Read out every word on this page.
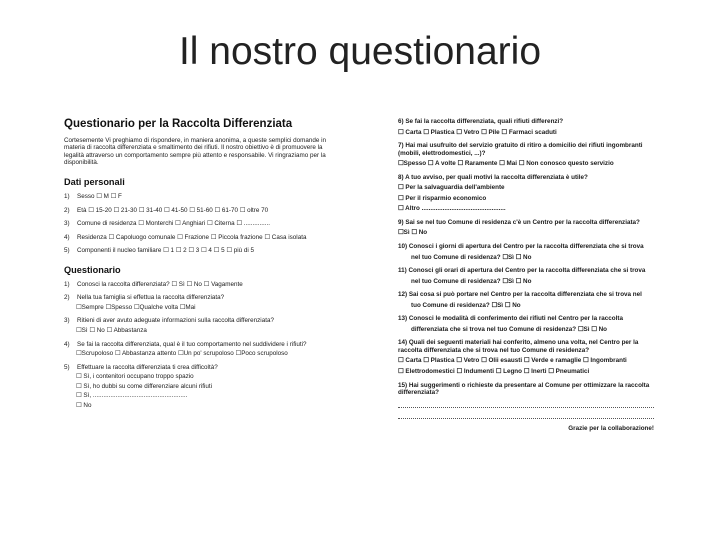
Il nostro questionario
Questionario per la Raccolta Differenziata
Cortesemente Vi preghiamo di rispondere, in maniera anonima, a queste semplici domande in materia di raccolta differenziata e smaltimento dei rifiuti. Il nostro obiettivo è di promuovere la legalità attraverso un comportamento sempre più attento e responsabile. Vi ringraziamo per la disponibilità.
Dati personali
1)	Sesso ☐ M ☐ F
2)	Età ☐ 15-20 ☐ 21-30 ☐ 31-40 ☐ 41-50 ☐ 51-60 ☐ 61-70 ☐ oltre 70
3)	Comune di residenza ☐ Monterchi ☐ Anghiari ☐ Citerna ☐ ...............
4)	Residenza ☐ Capoluogo comunale ☐ Frazione ☐ Piccola frazione ☐ Casa isolata
5)	Componenti il nucleo familiare ☐ 1 ☐ 2 ☐ 3 ☐ 4 ☐ 5 ☐ più di 5
Questionario
1)	Conosci la raccolta differenziata? ☐ Sì ☐ No ☐ Vagamente
2)	Nella tua famiglia si effettua la raccolta differenziata?
☐Sempre ☐Spesso ☐Qualche volta ☐Mai
3)	Ritieni di aver avuto adeguate informazioni sulla raccolta differenziata?
☐Sì ☐ No ☐ Abbastanza
4)	Se fai la raccolta differenziata, qual è il tuo comportamento nel suddividere i rifiuti?
☐Scrupoloso ☐ Abbastanza attento ☐Un po' scrupoloso ☐Poco scrupoloso
5)	Effettuare la raccolta differenziata ti crea difficoltà?
☐ Sì, i contenitori occupano troppo spazio
☐ Sì, ho dubbi su come differenziare alcuni rifiuti
☐ Sì, ......................................................
☐ No
6) Se fai la raccolta differenziata, quali rifiuti differenzi?
☐ Carta ☐ Plastica ☐ Vetro ☐ Pile ☐ Farmaci scaduti
7) Hai mai usufruito del servizio gratuito di ritiro a domicilio dei rifiuti ingombranti (mobili, elettrodomestici, ...)?
☐Spesso ☐ A volte ☐ Raramente ☐ Mai ☐ Non conosco questo servizio
8) A tuo avviso, per quali motivi la raccolta differenziata è utile?
☐ Per la salvaguardia dell'ambiente
☐ Per il risparmio economico
☐ Altro ................................................
9) Sai se nel tuo Comune di residenza c'è un Centro per la raccolta differenziata?
☐Sì ☐ No
10) Conosci i giorni di apertura del Centro per la raccolta differenziata che si trova
nel tuo Comune di residenza? ☐Sì ☐ No
11) Conosci gli orari di apertura del Centro per la raccolta differenziata che si trova
nel tuo Comune di residenza? ☐Sì ☐ No
12) Sai cosa si può portare nel Centro per la raccolta differenziata che si trova nel
tuo Comune di residenza? ☐Sì ☐ No
13) Conosci le modalità di conferimento dei rifiuti nel Centro per la raccolta
differenziata che si trova nel tuo Comune di residenza? ☐Sì ☐ No
14) Quali dei seguenti materiali hai conferito, almeno una volta, nel Centro per la raccolta differenziata che si trova nel tuo Comune di residenza?
☐ Carta ☐ Plastica ☐ Vetro ☐ Olii esausti ☐ Verde e ramaglie ☐ Ingombranti
☐ Elettrodomestici ☐ Indumenti ☐ Legno ☐ Inerti ☐ Pneumatici
15) Hai suggerimenti o richieste da presentare al Comune per ottimizzare la raccolta differenziata?
Grazie per la collaborazione!
